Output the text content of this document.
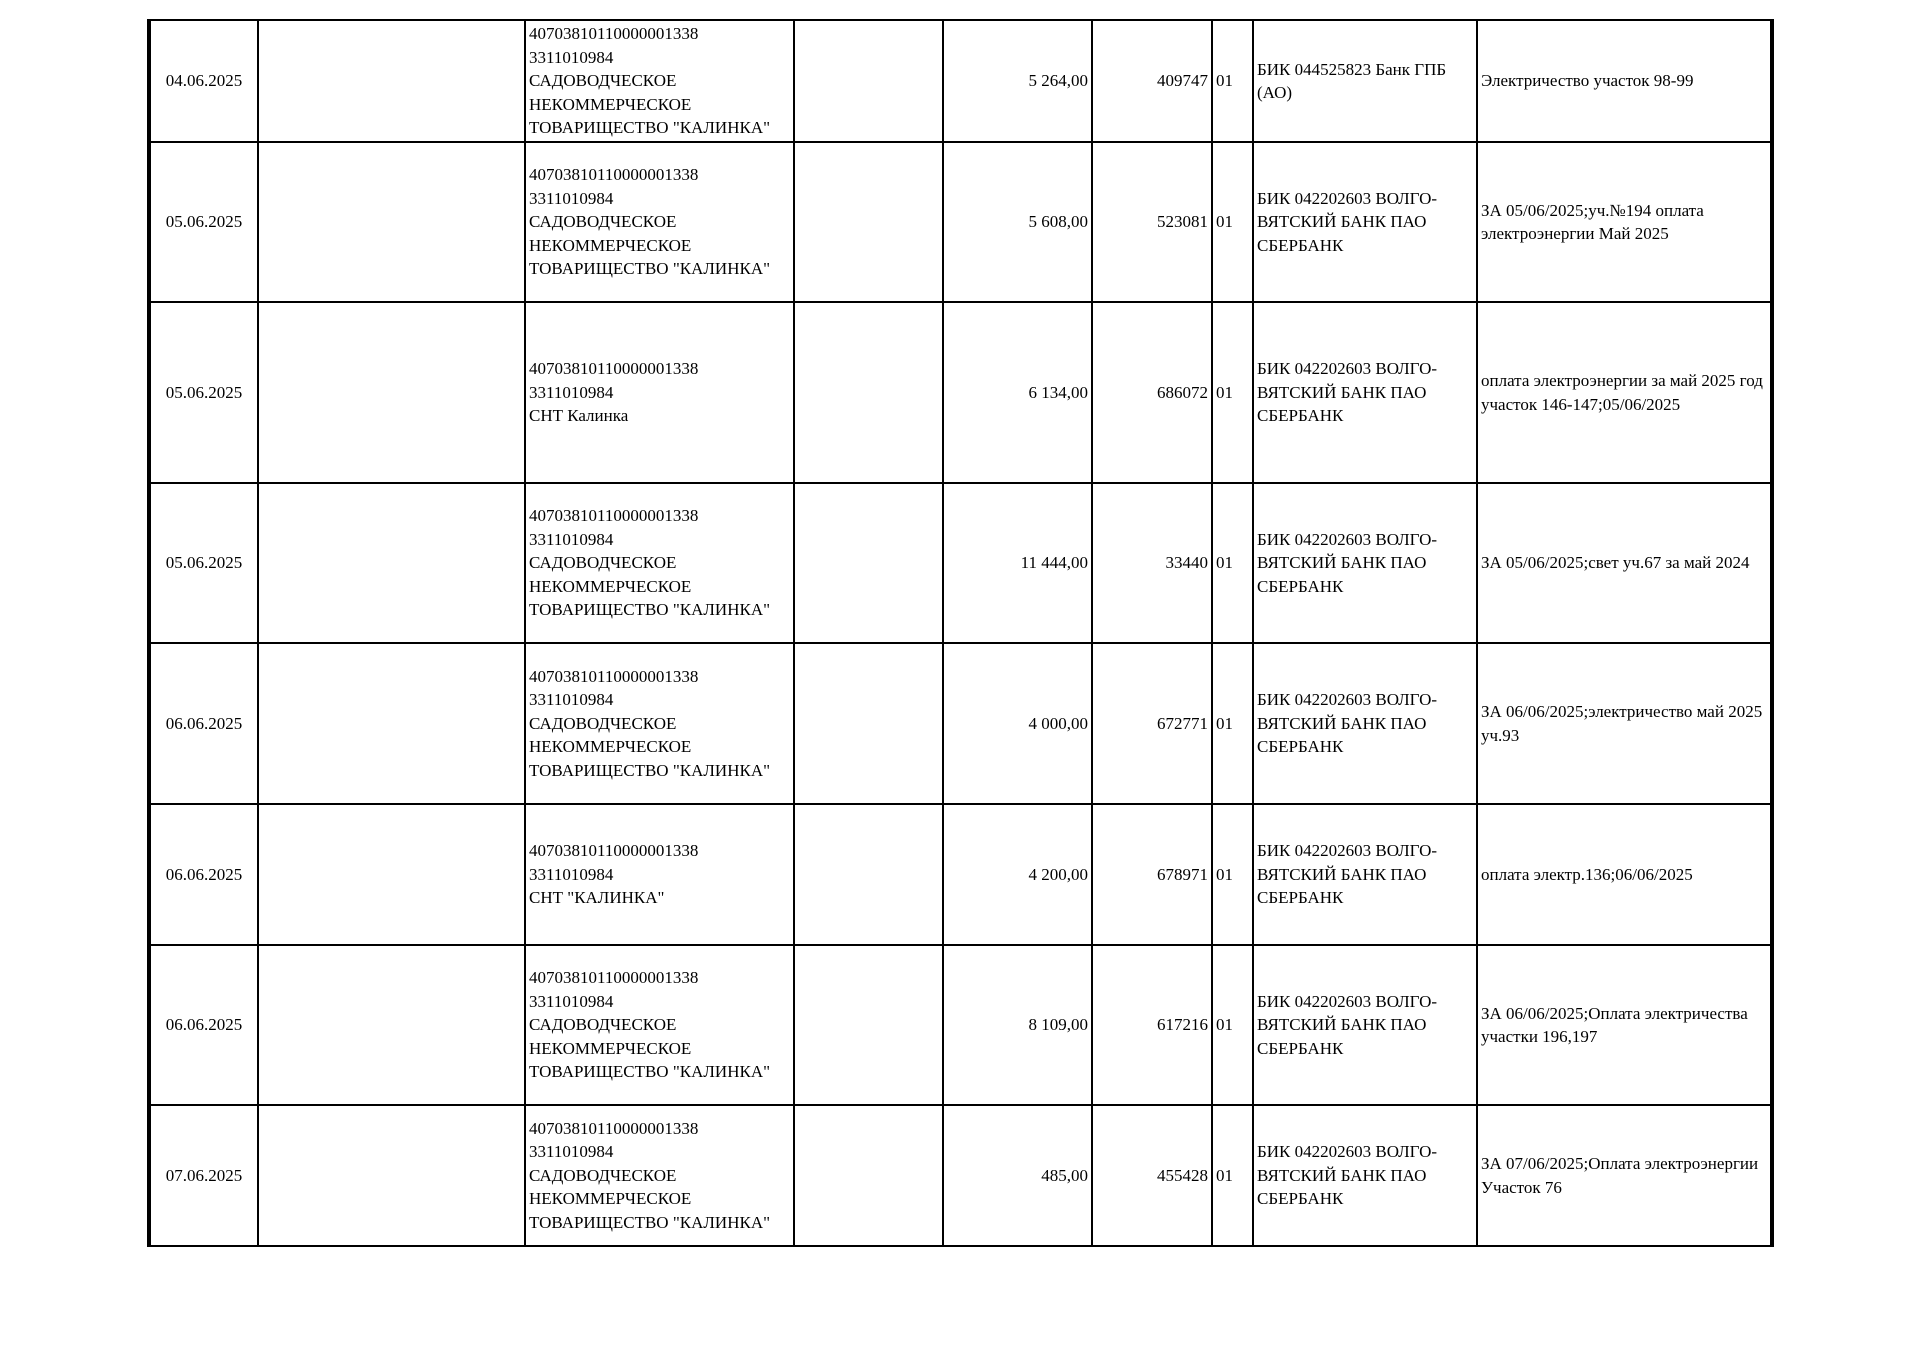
04.06.2025		40703810110000001338
3311010984
САДОВОДЧЕСКОЕ
НЕКОММЕРЧЕСКОЕ
ТОВАРИЩЕСТВО "КАЛИНКА"		5 264,00	409747	01	БИК 044525823 Банк ГПБ (АО)	Электричество участок 98-99
05.06.2025		40703810110000001338
3311010984
САДОВОДЧЕСКОЕ
НЕКОММЕРЧЕСКОЕ
ТОВАРИЩЕСТВО "КАЛИНКА"		5 608,00	523081	01	БИК 042202603 ВОЛГО-ВЯТСКИЙ БАНК ПАО СБЕРБАНК	ЗА 05/06/2025;уч.№194 оплата электроэнергии Май 2025
05.06.2025		40703810110000001338
3311010984
СНТ Калинка		6 134,00	686072	01	БИК 042202603 ВОЛГО-ВЯТСКИЙ БАНК ПАО СБЕРБАНК	оплата электроэнергии за май 2025 год участок 146-147;05/06/2025
05.06.2025		40703810110000001338
3311010984
САДОВОДЧЕСКОЕ
НЕКОММЕРЧЕСКОЕ
ТОВАРИЩЕСТВО "КАЛИНКА"		11 444,00	33440	01	БИК 042202603 ВОЛГО-ВЯТСКИЙ БАНК ПАО СБЕРБАНК	ЗА 05/06/2025;свет уч.67 за май 2024
06.06.2025		40703810110000001338
3311010984
САДОВОДЧЕСКОЕ
НЕКОММЕРЧЕСКОЕ
ТОВАРИЩЕСТВО "КАЛИНКА"		4 000,00	672771	01	БИК 042202603 ВОЛГО-ВЯТСКИЙ БАНК ПАО СБЕРБАНК	ЗА 06/06/2025;электричество май 2025 уч.93
06.06.2025		40703810110000001338
3311010984
СНТ "КАЛИНКА"		4 200,00	678971	01	БИК 042202603 ВОЛГО-ВЯТСКИЙ БАНК ПАО СБЕРБАНК	оплата электр.136;06/06/2025
06.06.2025		40703810110000001338
3311010984
САДОВОДЧЕСКОЕ
НЕКОММЕРЧЕСКОЕ
ТОВАРИЩЕСТВО "КАЛИНКА"		8 109,00	617216	01	БИК 042202603 ВОЛГО-ВЯТСКИЙ БАНК ПАО СБЕРБАНК	ЗА 06/06/2025;Оплата электричества участки 196,197
07.06.2025		40703810110000001338
3311010984
САДОВОДЧЕСКОЕ
НЕКОММЕРЧЕСКОЕ
ТОВАРИЩЕСТВО "КАЛИНКА"		485,00	455428	01	БИК 042202603 ВОЛГО-ВЯТСКИЙ БАНК ПАО СБЕРБАНК	ЗА 07/06/2025;Оплата электроэнергии Участок 76
